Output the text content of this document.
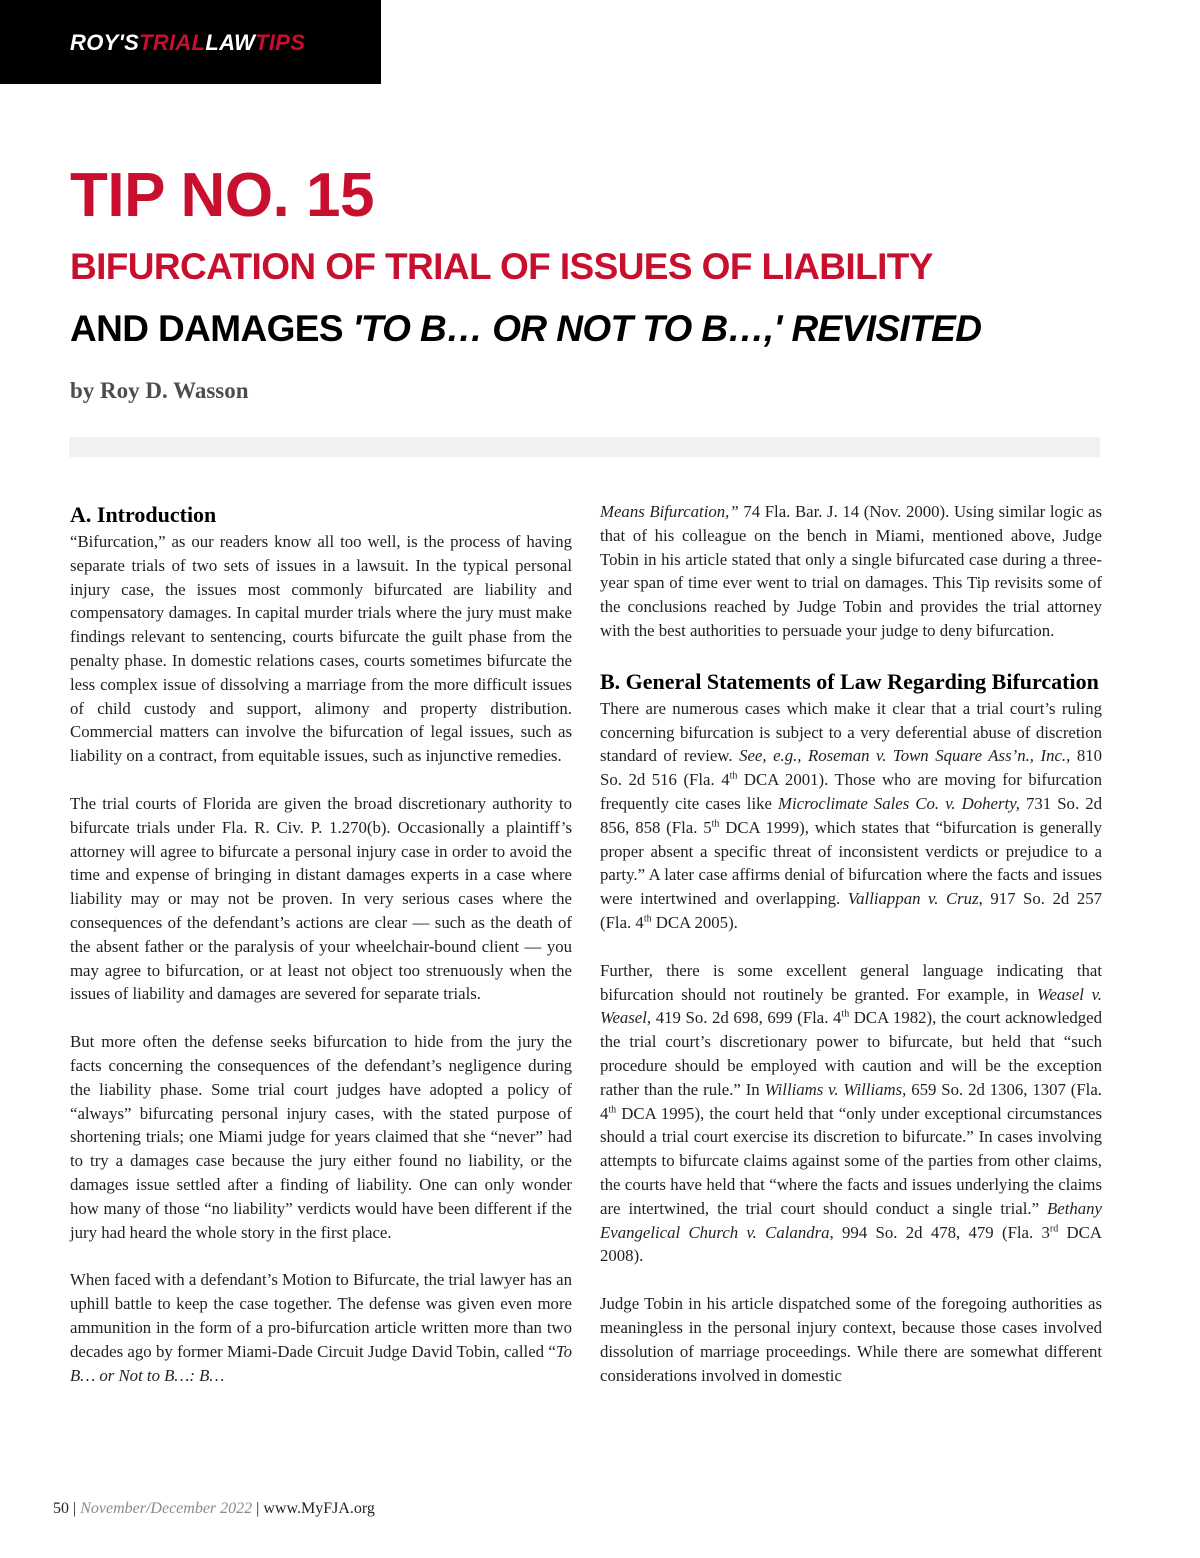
ROY'STRIALLAWTIPS
TIP NO. 15
BIFURCATION OF TRIAL OF ISSUES OF LIABILITY
AND DAMAGES 'TO B… OR NOT TO B…,' REVISITED
by Roy D. Wasson
A. Introduction

“Bifurcation,” as our readers know all too well, is the process of having separate trials of two sets of issues in a lawsuit. In the typical personal injury case, the issues most commonly bifurcated are liability and compensatory damages. In capital murder trials where the jury must make findings relevant to sentencing, courts bifurcate the guilt phase from the penalty phase. In domestic relations cases, courts sometimes bifurcate the less complex issue of dissolving a marriage from the more difficult issues of child custody and support, alimony and property distribution. Commercial matters can involve the bifurcation of legal issues, such as liability on a contract, from equitable issues, such as injunctive remedies.

The trial courts of Florida are given the broad discretionary authority to bifurcate trials under Fla. R. Civ. P. 1.270(b). Occasionally a plaintiff’s attorney will agree to bifurcate a personal injury case in order to avoid the time and expense of bringing in distant damages experts in a case where liability may or may not be proven. In very serious cases where the consequences of the defendant’s actions are clear — such as the death of the absent father or the paralysis of your wheelchair-bound client — you may agree to bifurcation, or at least not object too strenuously when the issues of liability and damages are severed for separate trials.

But more often the defense seeks bifurcation to hide from the jury the facts concerning the consequences of the defendant’s negligence during the liability phase. Some trial court judges have adopted a policy of “always” bifurcating personal injury cases, with the stated purpose of shortening trials; one Miami judge for years claimed that she “never” had to try a damages case because the jury either found no liability, or the damages issue settled after a finding of liability. One can only wonder how many of those “no liability” verdicts would have been different if the jury had heard the whole story in the first place.

When faced with a defendant’s Motion to Bifurcate, the trial lawyer has an uphill battle to keep the case together. The defense was given even more ammunition in the form of a pro-bifurcation article written more than two decades ago by former Miami-Dade Circuit Judge David Tobin, called “To B… or Not to B…: B…

Means Bifurcation,” 74 Fla. Bar. J. 14 (Nov. 2000). Using similar logic as that of his colleague on the bench in Miami, mentioned above, Judge Tobin in his article stated that only a single bifurcated case during a three-year span of time ever went to trial on damages. This Tip revisits some of the conclusions reached by Judge Tobin and provides the trial attorney with the best authorities to persuade your judge to deny bifurcation.

B. General Statements of Law Regarding Bifurcation

There are numerous cases which make it clear that a trial court’s ruling concerning bifurcation is subject to a very deferential abuse of discretion standard of review. See, e.g., Roseman v. Town Square Ass’n., Inc., 810 So. 2d 516 (Fla. 4th DCA 2001). Those who are moving for bifurcation frequently cite cases like Microclimate Sales Co. v. Doherty, 731 So. 2d 856, 858 (Fla. 5th DCA 1999), which states that “bifurcation is generally proper absent a specific threat of inconsistent verdicts or prejudice to a party.” A later case affirms denial of bifurcation where the facts and issues were intertwined and overlapping. Valliappan v. Cruz, 917 So. 2d 257 (Fla. 4th DCA 2005).

Further, there is some excellent general language indicating that bifurcation should not routinely be granted. For example, in Weasel v. Weasel, 419 So. 2d 698, 699 (Fla. 4th DCA 1982), the court acknowledged the trial court’s discretionary power to bifurcate, but held that “such procedure should be employed with caution and will be the exception rather than the rule.” In Williams v. Williams, 659 So. 2d 1306, 1307 (Fla. 4th DCA 1995), the court held that “only under exceptional circumstances should a trial court exercise its discretion to bifurcate.” In cases involving attempts to bifurcate claims against some of the parties from other claims, the courts have held that “where the facts and issues underlying the claims are intertwined, the trial court should conduct a single trial.” Bethany Evangelical Church v. Calandra, 994 So. 2d 478, 479 (Fla. 3rd DCA 2008).

Judge Tobin in his article dispatched some of the foregoing authorities as meaningless in the personal injury context, because those cases involved dissolution of marriage proceedings. While there are somewhat different considerations involved in domestic

50 | November/December 2022 | www.MyFJA.org
